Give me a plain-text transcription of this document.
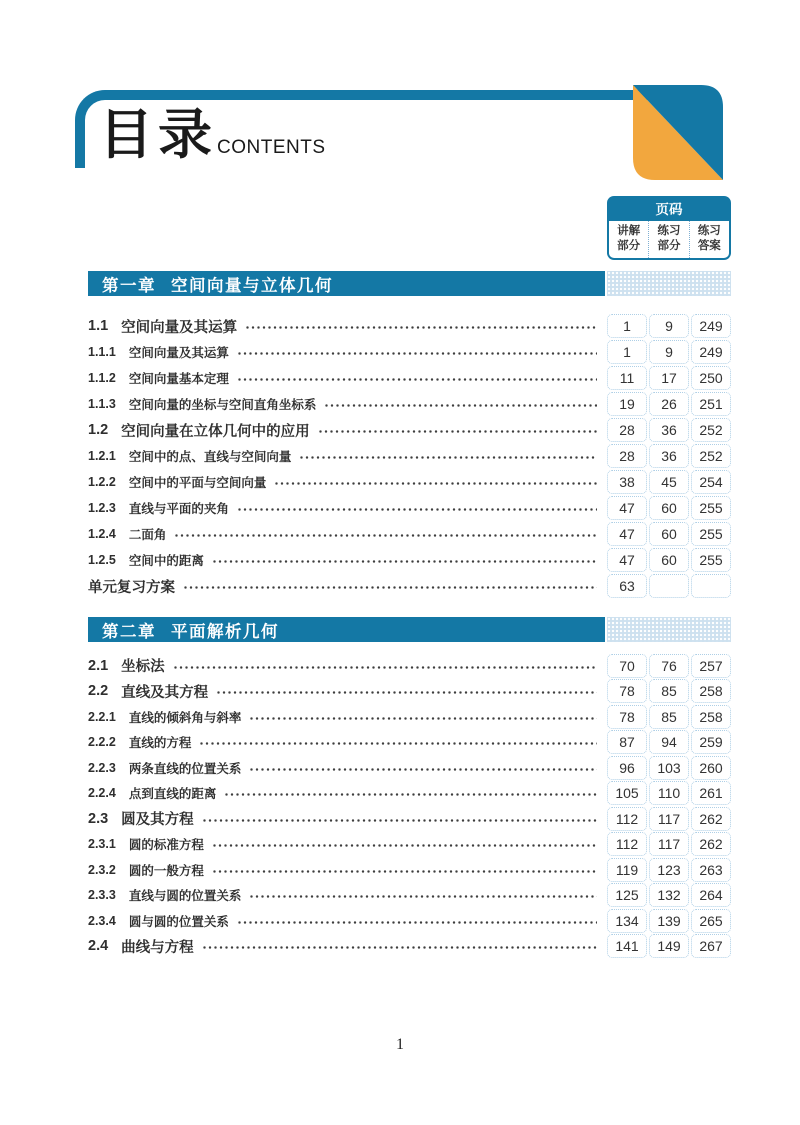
目录 CONTENTS
页码
讲解
部分
练习
部分
练习
答案
第一章 空间向量与立体几何
1.1 空间向量及其运算	1	9	249
1.1.1 空间向量及其运算	1	9	249
1.1.2 空间向量基本定理	11	17	250
1.1.3 空间向量的坐标与空间直角坐标系	19	26	251
1.2 空间向量在立体几何中的应用	28	36	252
1.2.1 空间中的点、直线与空间向量	28	36	252
1.2.2 空间中的平面与空间向量	38	45	254
1.2.3 直线与平面的夹角	47	60	255
1.2.4 二面角	47	60	255
1.2.5 空间中的距离	47	60	255
单元复习方案	63
第二章 平面解析几何
2.1 坐标法	70	76	257
2.2 直线及其方程	78	85	258
2.2.1 直线的倾斜角与斜率	78	85	258
2.2.2 直线的方程	87	94	259
2.2.3 两条直线的位置关系	96	103	260
2.2.4 点到直线的距离	105	110	261
2.3 圆及其方程	112	117	262
2.3.1 圆的标准方程	112	117	262
2.3.2 圆的一般方程	119	123	263
2.3.3 直线与圆的位置关系	125	132	264
2.3.4 圆与圆的位置关系	134	139	265
2.4 曲线与方程	141	149	267
1
